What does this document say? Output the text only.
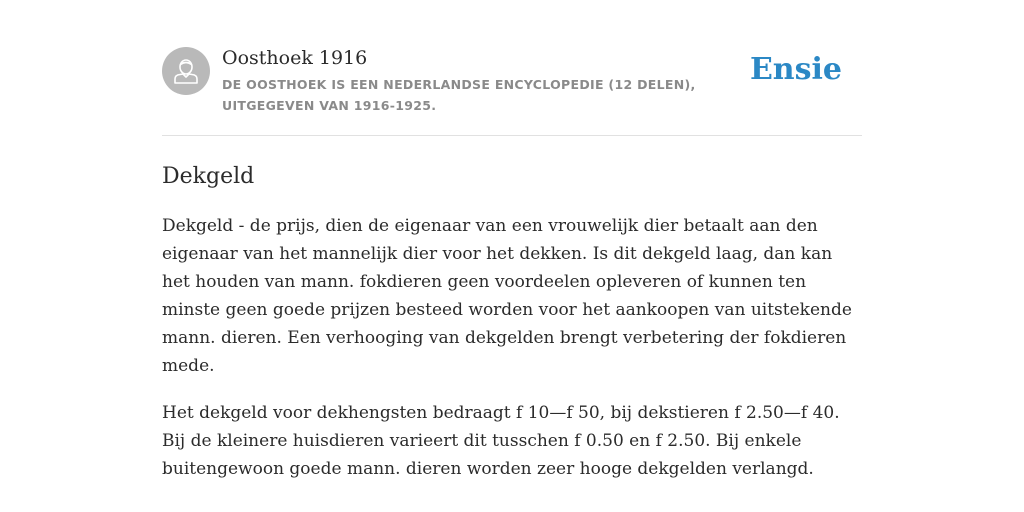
Oosthoek 1916
DE OOSTHOEK IS EEN NEDERLANDSE ENCYCLOPEDIE (12 DELEN), UITGEGEVEN VAN 1916-1925.
Ensie
Dekgeld

Dekgeld - de prijs, dien de eigenaar van een vrouwelijk dier betaalt aan den eigenaar van het mannelijk dier voor het dekken. Is dit dekgeld laag, dan kan het houden van mann. fokdieren geen voordeelen opleveren of kunnen ten minste geen goede prijzen besteed worden voor het aankoopen van uitstekende mann. dieren. Een verhooging van dekgelden brengt verbetering der fokdieren mede.

Het dekgeld voor dekhengsten bedraagt f 10—f 50, bij dekstieren f 2.50—f 40. Bij de kleinere huisdieren varieert dit tusschen f 0.50 en f 2.50. Bij enkele buitengewoon goede mann. dieren worden zeer hooge dekgelden verlangd.
